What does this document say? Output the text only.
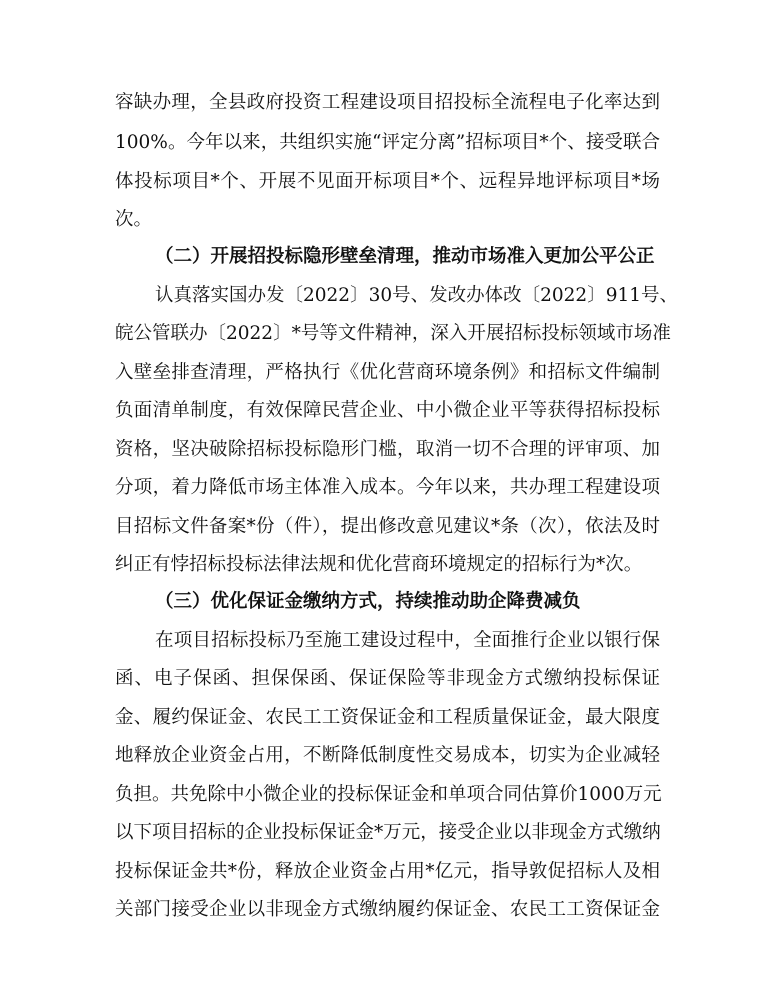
容缺办理，全县政府投资工程建设项目招投标全流程电子化率达到
100%。今年以来，共组织实施“评定分离”招标项目*个、接受联合
体投标项目*个、开展不见面开标项目*个、远程异地评标项目*场
次。
（二）开展招投标隐形壁垒清理，推动市场准入更加公平公正
认真落实国办发〔2022〕30号、发改办体改〔2022〕911号、
皖公管联办〔2022〕*号等文件精神，深入开展招标投标领域市场准
入壁垒排查清理，严格执行《优化营商环境条例》和招标文件编制
负面清单制度，有效保障民营企业、中小微企业平等获得招标投标
资格，坚决破除招标投标隐形门槛，取消一切不合理的评审项、加
分项，着力降低市场主体准入成本。今年以来，共办理工程建设项
目招标文件备案*份（件），提出修改意见建议*条（次），依法及时
纠正有悖招标投标法律法规和优化营商环境规定的招标行为*次。
（三）优化保证金缴纳方式，持续推动助企降费减负
在项目招标投标乃至施工建设过程中，全面推行企业以银行保
函、电子保函、担保保函、保证保险等非现金方式缴纳投标保证
金、履约保证金、农民工工资保证金和工程质量保证金，最大限度
地释放企业资金占用，不断降低制度性交易成本，切实为企业减轻
负担。共免除中小微企业的投标保证金和单项合同估算价1000万元
以下项目招标的企业投标保证金*万元，接受企业以非现金方式缴纳
投标保证金共*份，释放企业资金占用*亿元，指导敦促招标人及相
关部门接受企业以非现金方式缴纳履约保证金、农民工工资保证金
